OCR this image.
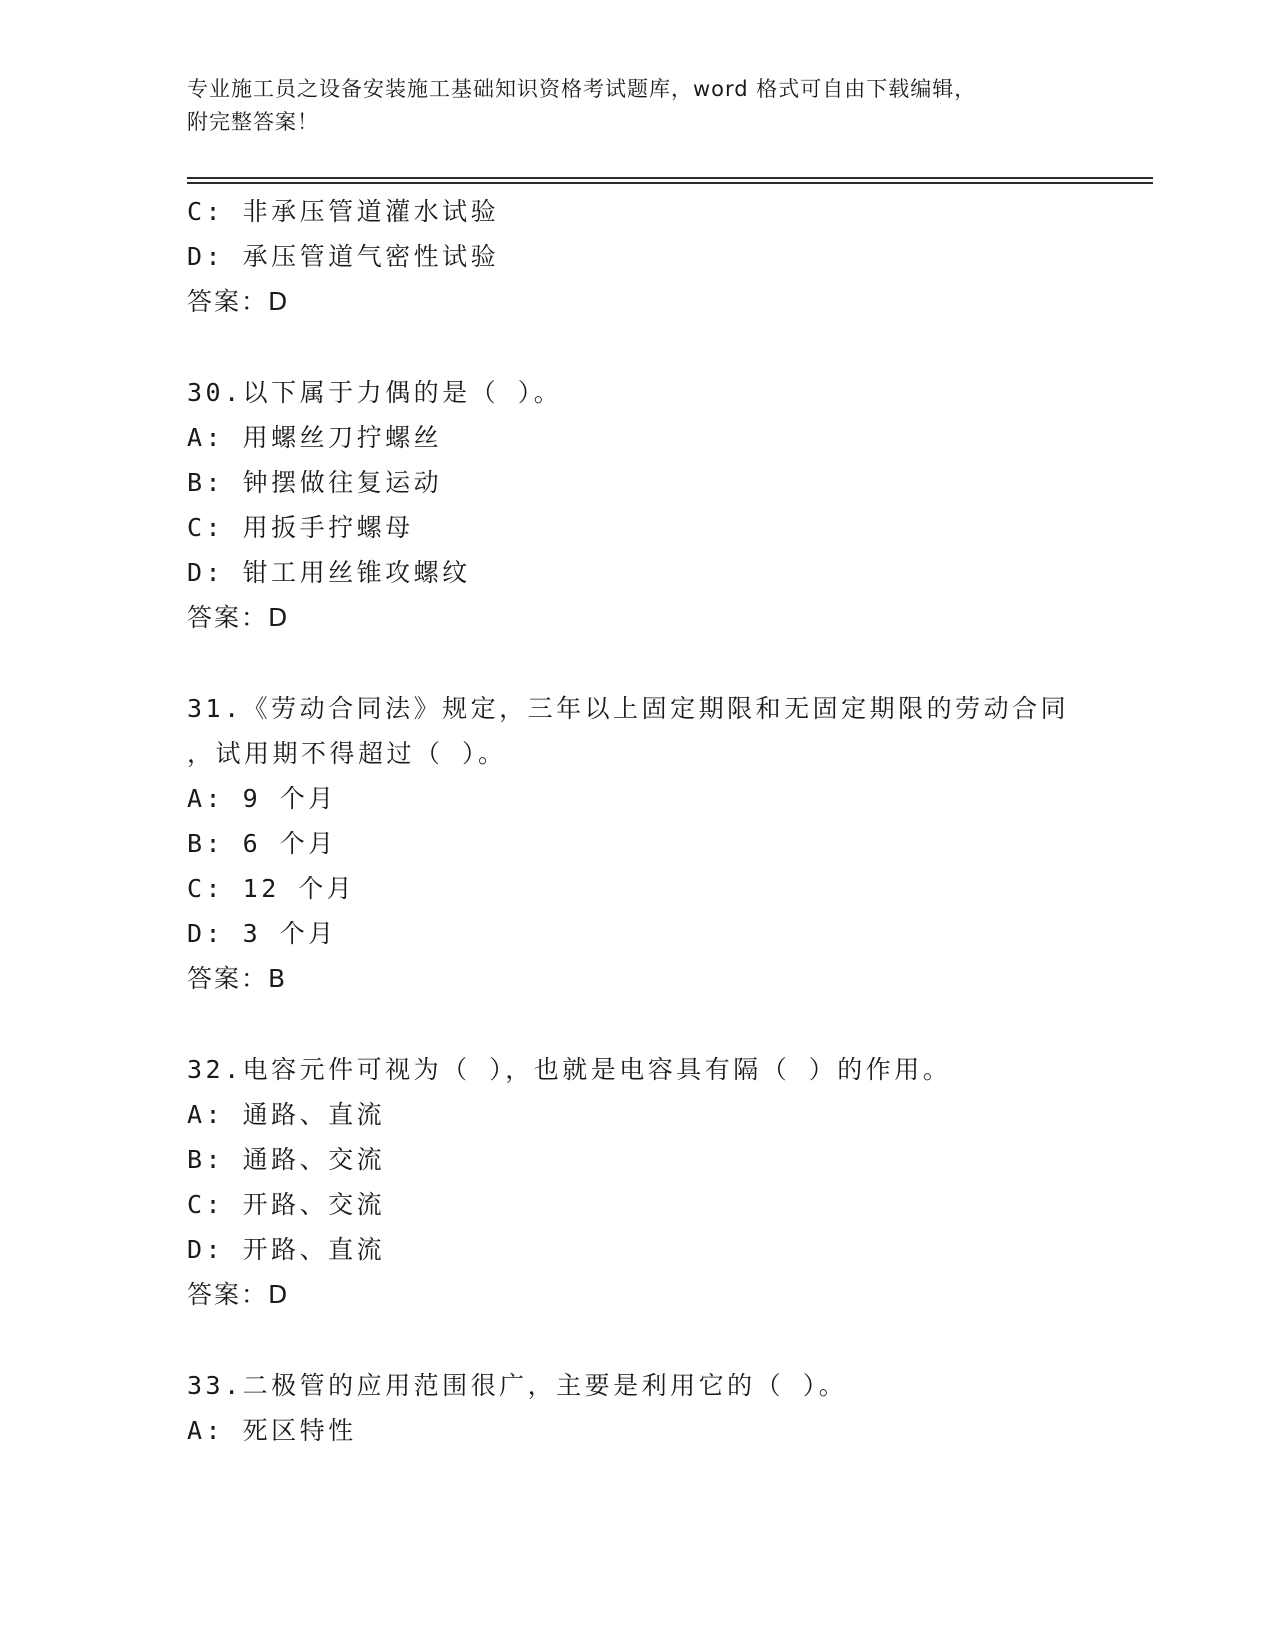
专业施工员之设备安装施工基础知识资格考试题库，word 格式可自由下载编辑，
附完整答案！
C: 非承压管道灌水试验
D: 承压管道气密性试验
答案：D
30.以下属于力偶的是（ ）。
A: 用螺丝刀拧螺丝
B: 钟摆做往复运动
C: 用扳手拧螺母
D: 钳工用丝锥攻螺纹
答案：D
31.《劳动合同法》规定，三年以上固定期限和无固定期限的劳动合同
，试用期不得超过（ ）。
A: 9 个月
B: 6 个月
C: 12 个月
D: 3 个月
答案：B
32.电容元件可视为（ ），也就是电容具有隔（ ）的作用。
A: 通路、直流
B: 通路、交流
C: 开路、交流
D: 开路、直流
答案：D
33.二极管的应用范围很广，主要是利用它的（ ）。
A: 死区特性
